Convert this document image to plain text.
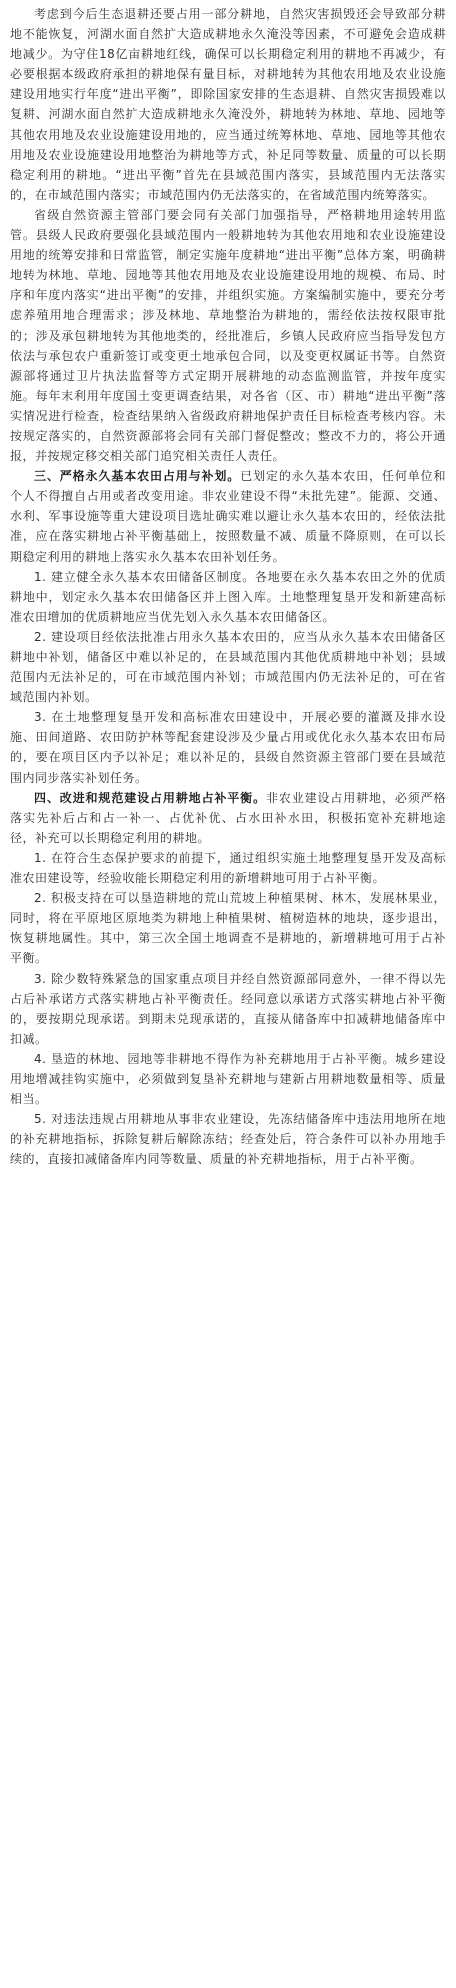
考虑到今后生态退耕还要占用一部分耕地，自然灾害损毁还会导致部分耕地不能恢复，河湖水面自然扩大造成耕地永久淹没等因素，不可避免会造成耕地减少。为守住18亿亩耕地红线，确保可以长期稳定利用的耕地不再减少，有必要根据本级政府承担的耕地保有量目标，对耕地转为其他农用地及农业设施建设用地实行年度“进出平衡”，即除国家安排的生态退耕、自然灾害损毁难以复耕、河湖水面自然扩大造成耕地永久淹没外，耕地转为林地、草地、园地等其他农用地及农业设施建设用地的，应当通过统筹林地、草地、园地等其他农用地及农业设施建设用地整治为耕地等方式，补足同等数量、质量的可以长期稳定利用的耕地。“进出平衡”首先在县域范围内落实，县域范围内无法落实的，在市域范围内落实；市域范围内仍无法落实的，在省域范围内统筹落实。

省级自然资源主管部门要会同有关部门加强指导，严格耕地用途转用监管。县级人民政府要强化县域范围内一般耕地转为其他农用地和农业设施建设用地的统筹安排和日常监管，制定实施年度耕地“进出平衡”总体方案，明确耕地转为林地、草地、园地等其他农用地及农业设施建设用地的规模、布局、时序和年度内落实“进出平衡”的安排，并组织实施。方案编制实施中，要充分考虑养殖用地合理需求；涉及林地、草地整治为耕地的，需经依法按权限审批的；涉及承包耕地转为其他地类的，经批准后，乡镇人民政府应当指导发包方依法与承包农户重新签订或变更土地承包合同，以及变更权属证书等。自然资源部将通过卫片执法监督等方式定期开展耕地的动态监测监管，并按年度实施。每年末利用年度国土变更调查结果，对各省（区、市）耕地“进出平衡”落实情况进行检查，检查结果纳入省级政府耕地保护责任目标检查考核内容。未按规定落实的，自然资源部将会同有关部门督促整改；整改不力的，将公开通报，并按规定移交相关部门追究相关责任人责任。

三、严格永久基本农田占用与补划。已划定的永久基本农田，任何单位和个人不得擅自占用或者改变用途。非农业建设不得“未批先建”。能源、交通、水利、军事设施等重大建设项目选址确实难以避让永久基本农田的，经依法批准，应在落实耕地占补平衡基础上，按照数量不减、质量不降原则，在可以长期稳定利用的耕地上落实永久基本农田补划任务。

1. 建立健全永久基本农田储备区制度。各地要在永久基本农田之外的优质耕地中，划定永久基本农田储备区并上图入库。土地整理复垦开发和新建高标准农田增加的优质耕地应当优先划入永久基本农田储备区。

2. 建设项目经依法批准占用永久基本农田的，应当从永久基本农田储备区耕地中补划，储备区中难以补足的，在县域范围内其他优质耕地中补划；县域范围内无法补足的，可在市域范围内补划；市域范围内仍无法补足的，可在省域范围内补划。

3. 在土地整理复垦开发和高标准农田建设中，开展必要的灌溉及排水设施、田间道路、农田防护林等配套建设涉及少量占用或优化永久基本农田布局的，要在项目区内予以补足；难以补足的，县级自然资源主管部门要在县域范围内同步落实补划任务。

四、改进和规范建设占用耕地占补平衡。非农业建设占用耕地，必须严格落实先补后占和占一补一、占优补优、占水田补水田，积极拓宽补充耕地途径，补充可以长期稳定利用的耕地。

1. 在符合生态保护要求的前提下，通过组织实施土地整理复垦开发及高标准农田建设等，经验收能长期稳定利用的新增耕地可用于占补平衡。

2. 积极支持在可以垦造耕地的荒山荒坡上种植果树、林木，发展林果业，同时，将在平原地区原地类为耕地上种植果树、植树造林的地块，逐步退出，恢复耕地属性。其中，第三次全国土地调查不是耕地的，新增耕地可用于占补平衡。

3. 除少数特殊紧急的国家重点项目并经自然资源部同意外，一律不得以先占后补承诺方式落实耕地占补平衡责任。经同意以承诺方式落实耕地占补平衡的，要按期兑现承诺。到期未兑现承诺的，直接从储备库中扣减耕地储备库中扣减。

4. 垦造的林地、园地等非耕地不得作为补充耕地用于占补平衡。城乡建设用地增减挂钩实施中，必须做到复垦补充耕地与建新占用耕地数量相等、质量相当。

5. 对违法违规占用耕地从事非农业建设，先冻结储备库中违法用地所在地的补充耕地指标，拆除复耕后解除冻结；经查处后，符合条件可以补办用地手续的，直接扣减储备库内同等数量、质量的补充耕地指标，用于占补平衡。
